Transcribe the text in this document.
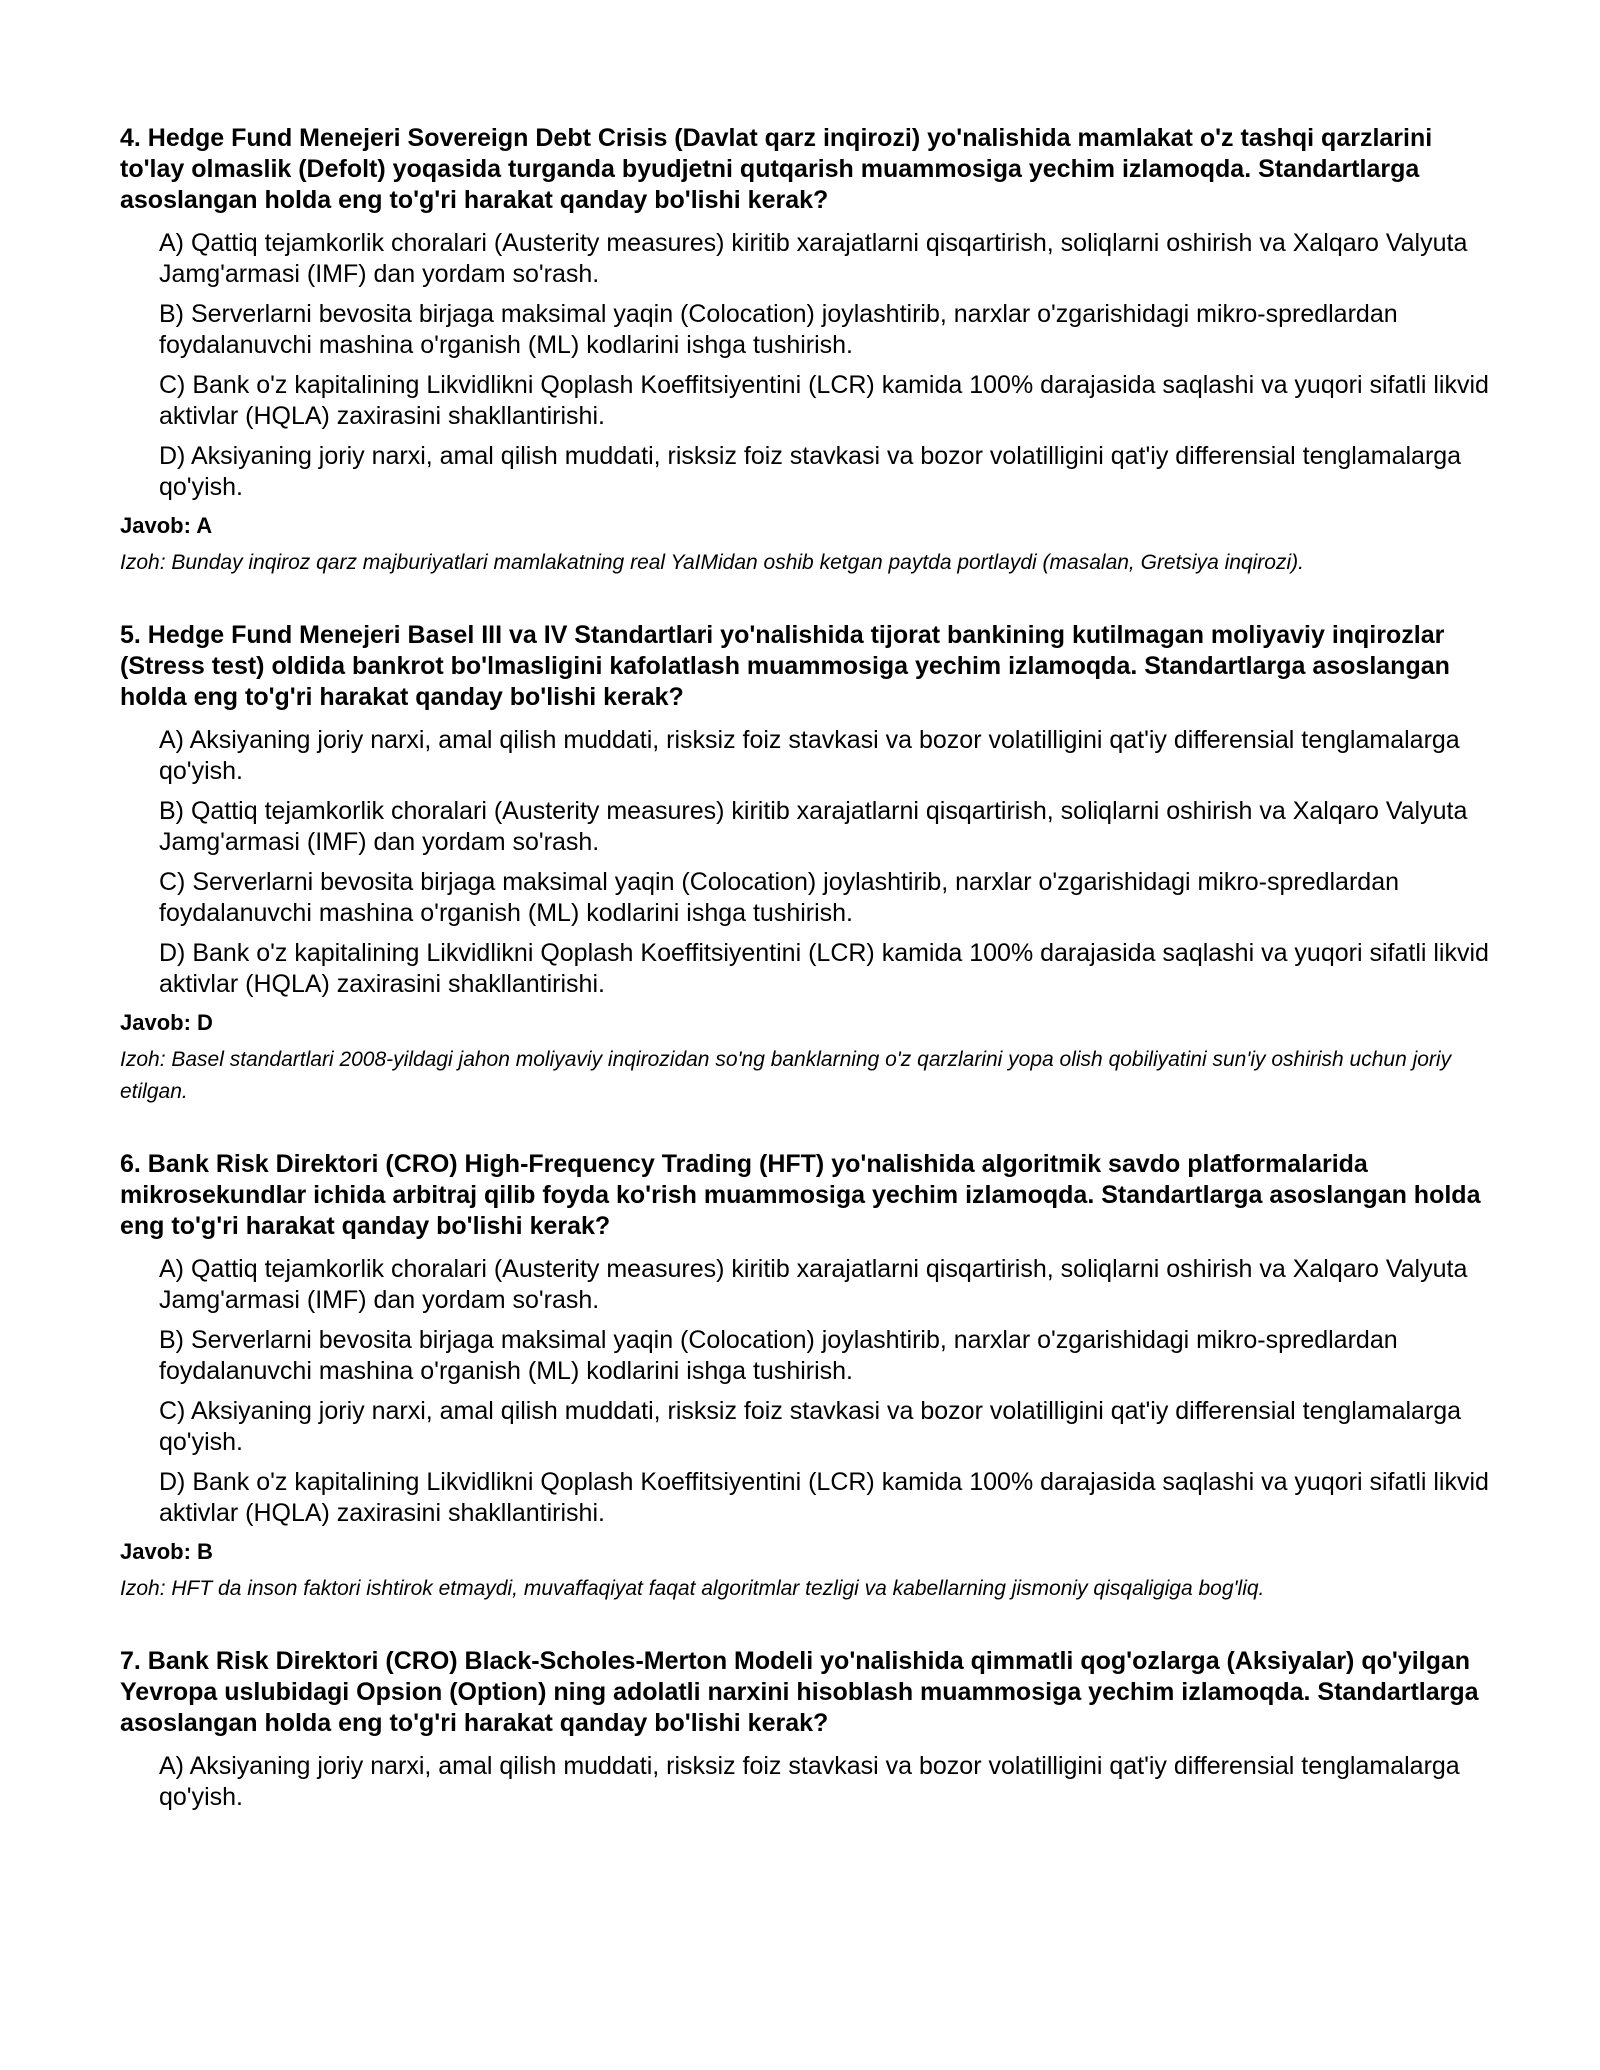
4. Hedge Fund Menejeri Sovereign Debt Crisis (Davlat qarz inqirozi) yo'nalishida mamlakat o'z tashqi qarzlarini to'lay olmaslik (Defolt) yoqasida turganda byudjetni qutqarish muammosiga yechim izlamoqda. Standartlarga asoslangan holda eng to'g'ri harakat qanday bo'lishi kerak?

A) Qattiq tejamkorlik choralari (Austerity measures) kiritib xarajatlarni qisqartirish, soliqlarni oshirish va Xalqaro Valyuta Jamg'armasi (IMF) dan yordam so'rash.

B) Serverlarni bevosita birjaga maksimal yaqin (Colocation) joylashtirib, narxlar o'zgarishidagi mikro-spredlardan foydalanuvchi mashina o'rganish (ML) kodlarini ishga tushirish.

C) Bank o'z kapitalining Likvidlikni Qoplash Koeffitsiyentini (LCR) kamida 100% darajasida saqlashi va yuqori sifatli likvid aktivlar (HQLA) zaxirasini shakllantirishi.

D) Aksiyaning joriy narxi, amal qilish muddati, risksiz foiz stavkasi va bozor volatilligini qat'iy differensial tenglamalarga qo'yish.

Javob: A

Izoh: Bunday inqiroz qarz majburiyatlari mamlakatning real YaIMidan oshib ketgan paytda portlaydi (masalan, Gretsiya inqirozi).

5. Hedge Fund Menejeri Basel III va IV Standartlari yo'nalishida tijorat bankining kutilmagan moliyaviy inqirozlar (Stress test) oldida bankrot bo'lmasligini kafolatlash muammosiga yechim izlamoqda. Standartlarga asoslangan holda eng to'g'ri harakat qanday bo'lishi kerak?

A) Aksiyaning joriy narxi, amal qilish muddati, risksiz foiz stavkasi va bozor volatilligini qat'iy differensial tenglamalarga qo'yish.

B) Qattiq tejamkorlik choralari (Austerity measures) kiritib xarajatlarni qisqartirish, soliqlarni oshirish va Xalqaro Valyuta Jamg'armasi (IMF) dan yordam so'rash.

C) Serverlarni bevosita birjaga maksimal yaqin (Colocation) joylashtirib, narxlar o'zgarishidagi mikro-spredlardan foydalanuvchi mashina o'rganish (ML) kodlarini ishga tushirish.

D) Bank o'z kapitalining Likvidlikni Qoplash Koeffitsiyentini (LCR) kamida 100% darajasida saqlashi va yuqori sifatli likvid aktivlar (HQLA) zaxirasini shakllantirishi.

Javob: D

Izoh: Basel standartlari 2008-yildagi jahon moliyaviy inqirozidan so'ng banklarning o'z qarzlarini yopa olish qobiliyatini sun'iy oshirish uchun joriy etilgan.

6. Bank Risk Direktori (CRO) High-Frequency Trading (HFT) yo'nalishida algoritmik savdo platformalarida mikrosekundlar ichida arbitraj qilib foyda ko'rish muammosiga yechim izlamoqda. Standartlarga asoslangan holda eng to'g'ri harakat qanday bo'lishi kerak?

A) Qattiq tejamkorlik choralari (Austerity measures) kiritib xarajatlarni qisqartirish, soliqlarni oshirish va Xalqaro Valyuta Jamg'armasi (IMF) dan yordam so'rash.

B) Serverlarni bevosita birjaga maksimal yaqin (Colocation) joylashtirib, narxlar o'zgarishidagi mikro-spredlardan foydalanuvchi mashina o'rganish (ML) kodlarini ishga tushirish.

C) Aksiyaning joriy narxi, amal qilish muddati, risksiz foiz stavkasi va bozor volatilligini qat'iy differensial tenglamalarga qo'yish.

D) Bank o'z kapitalining Likvidlikni Qoplash Koeffitsiyentini (LCR) kamida 100% darajasida saqlashi va yuqori sifatli likvid aktivlar (HQLA) zaxirasini shakllantirishi.

Javob: B

Izoh: HFT da inson faktori ishtirok etmaydi, muvaffaqiyat faqat algoritmlar tezligi va kabellarning jismoniy qisqaligiga bog'liq.

7. Bank Risk Direktori (CRO) Black-Scholes-Merton Modeli yo'nalishida qimmatli qog'ozlarga (Aksiyalar) qo'yilgan Yevropa uslubidagi Opsion (Option) ning adolatli narxini hisoblash muammosiga yechim izlamoqda. Standartlarga asoslangan holda eng to'g'ri harakat qanday bo'lishi kerak?

A) Aksiyaning joriy narxi, amal qilish muddati, risksiz foiz stavkasi va bozor volatilligini qat'iy differensial tenglamalarga qo'yish.
